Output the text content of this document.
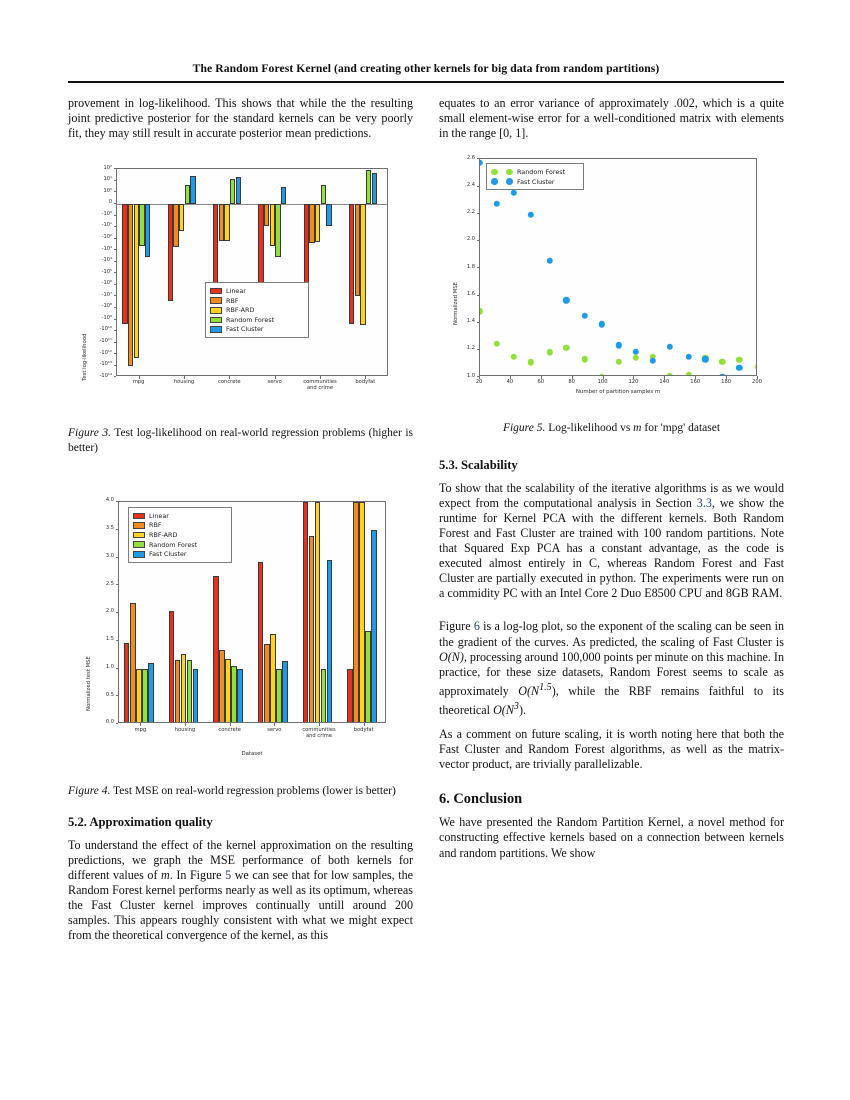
The Random Forest Kernel (and creating other kernels for big data from random partitions)

provement in log-likelihood. This shows that while the the resulting joint predictive posterior for the standard kernels can be very poorly fit, they may still result in accurate posterior mean predictions.

Test log-likelihood
Linear
RBF
RBF-ARD
Random Forest
Fast Cluster
10²
10¹
10⁰
0
-10⁰
-10¹
-10²
-10³
-10⁴
-10⁵
-10⁶
-10⁷
-10⁸
-10⁹
-10¹⁰
-10¹¹
-10¹²
-10¹³
-10¹⁴
mpg	housing	concrete	servo	communities
and crime
bodyfat

Figure 3. Test log-likelihood on real-world regression problems (higher is better)

Normalized test MSE
Linear
RBF
RBF-ARD
Random Forest
Fast Cluster
0.0
0.5
1.0
1.5
2.0
2.5
3.0
3.5
4.0
mpg	housing	concrete	servo	communities
and crime
bodyfat
Dataset

Figure 4. Test MSE on real-world regression problems (lower is better)

5.2. Approximation quality

To understand the effect of the kernel approximation on the resulting predictions, we graph the MSE performance of both kernels for different values of m. In Figure 5 we can see that for low samples, the Random Forest kernel performs nearly as well as its optimum, whereas the Fast Cluster kernel improves continually untill around 200 samples. This appears roughly consistent with what we might expect from the theoretical convergence of the kernel, as this

equates to an error variance of approximately .002, which is a quite small element-wise error for a well-conditioned matrix with elements in the range [0, 1].

Normalized MSE
Random Forest
Fast Cluster
1.0
1.2
1.4
1.6
1.8
2.0
2.2
2.4
2.6
20	40	60	80	100	120	140	160	180	200
Number of partition samples m

Figure 5. Log-likelihood vs m for 'mpg' dataset

5.3. Scalability

To show that the scalability of the iterative algorithms is as we would expect from the computational analysis in Section 3.3, we show the runtime for Kernel PCA with the different kernels. Both Random Forest and Fast Cluster are trained with 100 random partitions. Note that Squared Exp PCA has a constant advantage, as the code is executed almost entirely in C, whereas Random Forest and Fast Cluster are partially executed in python. The experiments were run on a commidity PC with an Intel Core 2 Duo E8500 CPU and 8GB RAM.

Figure 6 is a log-log plot, so the exponent of the scaling can be seen in the gradient of the curves. As predicted, the scaling of Fast Cluster is O(N), processing around 100,000 points per minute on this machine. In practice, for these size datasets, Random Forest seems to scale as approximately $O(N^{1.5})$, while the RBF remains faithful to its theoretical $O(N^3)$.

As a comment on future scaling, it is worth noting here that both the Fast Cluster and Random Forest algorithms, as well as the matrix-vector product, are trivially parallelizable.

6. Conclusion

We have presented the Random Partition Kernel, a novel method for constructing effective kernels based on a connection between kernels and random partitions. We show
